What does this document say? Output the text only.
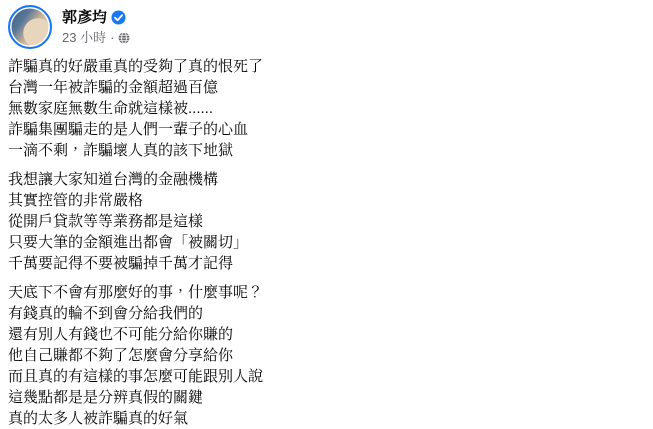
郭彥均
23 小時 ·
詐騙真的好嚴重真的受夠了真的恨死了
台灣一年被詐騙的金額超過百億
無數家庭無數生命就這樣被......
詐騙集團騙走的是人們一輩子的心血
一滴不剩，詐騙壞人真的該下地獄
我想讓大家知道台灣的金融機構
其實控管的非常嚴格
從開戶貸款等等業務都是這樣
只要大筆的金額進出都會「被關切」
千萬要記得不要被騙掉千萬才記得
天底下不會有那麼好的事，什麼事呢？
有錢真的輪不到會分給我們的
還有別人有錢也不可能分給你賺的
他自己賺都不夠了怎麼會分享給你
而且真的有這樣的事怎麼可能跟別人說
這幾點都是是分辨真假的關鍵
真的太多人被詐騙真的好氣
